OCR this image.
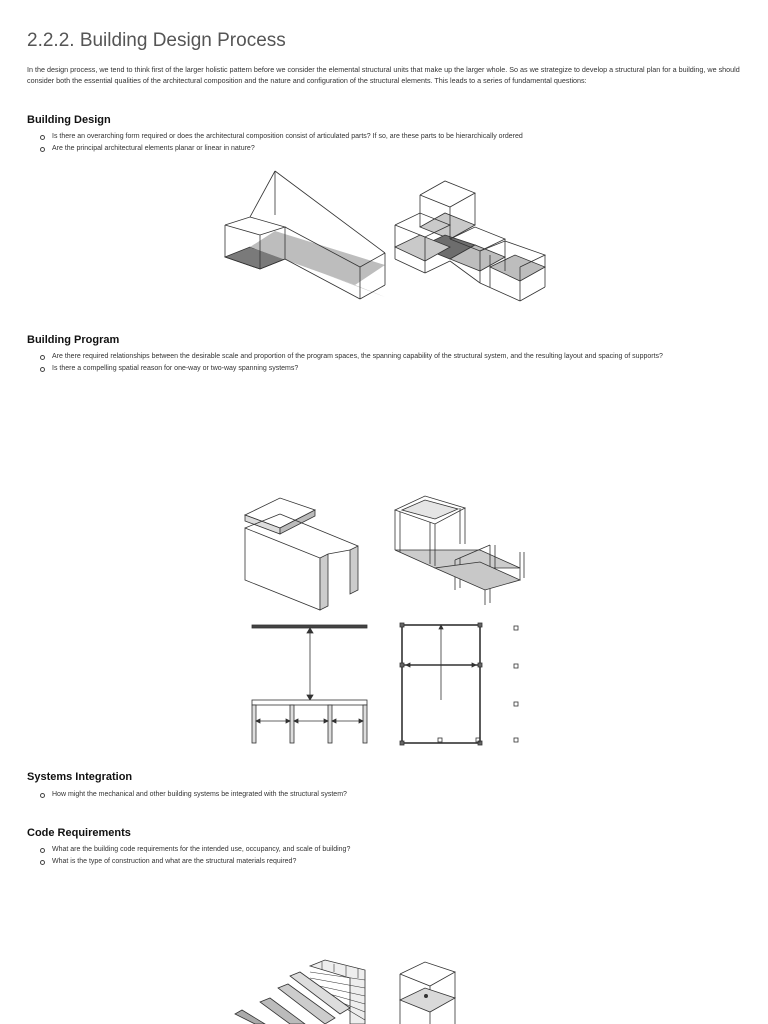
2.2.2. Building Design Process

In the design process, we tend to think first of the larger holistic pattern before we consider the elemental structural units that make up the larger whole. So as we strategize to develop a structural plan for a building, we should consider both the essential qualities of the architectural composition and the nature and configuration of the structural elements. This leads to a series of fundamental questions:

Building Design
Is there an overarching form required or does the architectural composition consist of articulated parts? If so, are these parts to be hierarchically ordered
Are the principal architectural elements planar or linear in nature?
Building Program
Are there required relationships between the desirable scale and proportion of the program spaces, the spanning capability of the structural system, and the resulting layout and spacing of supports?
Is there a compelling spatial reason for one-way or two-way spanning systems?
Systems Integration
How might the mechanical and other building systems be integrated with the structural system?
Code Requirements
What are the building code requirements for the intended use, occupancy, and scale of building?
What is the type of construction and what are the structural materials required?
